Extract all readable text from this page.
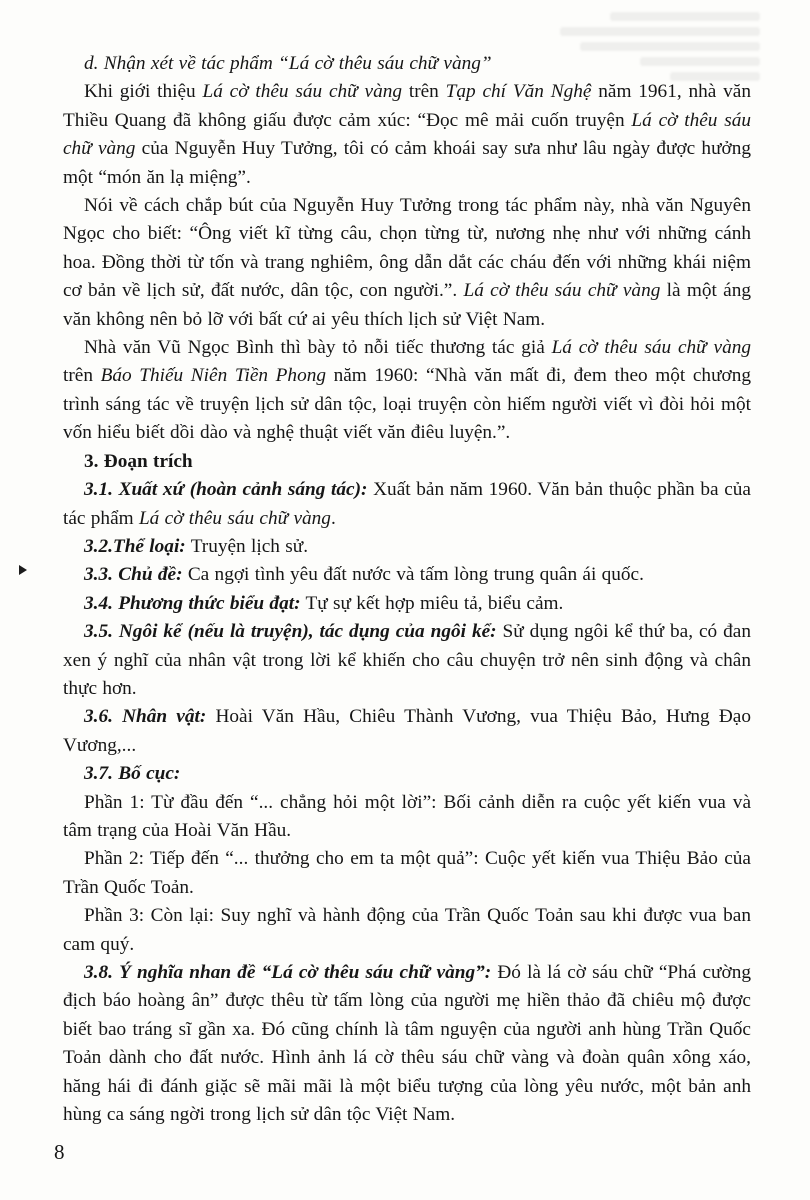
d. Nhận xét về tác phẩm “Lá cờ thêu sáu chữ vàng”

Khi giới thiệu Lá cờ thêu sáu chữ vàng trên Tạp chí Văn Nghệ năm 1961, nhà văn Thiều Quang đã không giấu được cảm xúc: “Đọc mê mải cuốn truyện Lá cờ thêu sáu chữ vàng của Nguyễn Huy Tưởng, tôi có cảm khoái say sưa như lâu ngày được hưởng một “món ăn lạ miệng”.

Nói về cách chắp bút của Nguyễn Huy Tưởng trong tác phẩm này, nhà văn Nguyên Ngọc cho biết: “Ông viết kĩ từng câu, chọn từng từ, nương nhẹ như với những cánh hoa. Đồng thời từ tốn và trang nghiêm, ông dẫn dắt các cháu đến với những khái niệm cơ bản về lịch sử, đất nước, dân tộc, con người.”. Lá cờ thêu sáu chữ vàng là một áng văn không nên bỏ lỡ với bất cứ ai yêu thích lịch sử Việt Nam.

Nhà văn Vũ Ngọc Bình thì bày tỏ nỗi tiếc thương tác giả Lá cờ thêu sáu chữ vàng trên Báo Thiếu Niên Tiền Phong năm 1960: “Nhà văn mất đi, đem theo một chương trình sáng tác về truyện lịch sử dân tộc, loại truyện còn hiếm người viết vì đòi hỏi một vốn hiểu biết dồi dào và nghệ thuật viết văn điêu luyện.”.

3. Đoạn trích

3.1. Xuất xứ (hoàn cảnh sáng tác): Xuất bản năm 1960. Văn bản thuộc phần ba của tác phẩm Lá cờ thêu sáu chữ vàng.

3.2.Thể loại: Truyện lịch sử.

3.3. Chủ đề: Ca ngợi tình yêu đất nước và tấm lòng trung quân ái quốc.

3.4. Phương thức biểu đạt: Tự sự kết hợp miêu tả, biểu cảm.

3.5. Ngôi kể (nếu là truyện), tác dụng của ngôi kể: Sử dụng ngôi kể thứ ba, có đan xen ý nghĩ của nhân vật trong lời kể khiến cho câu chuyện trở nên sinh động và chân thực hơn.

3.6. Nhân vật: Hoài Văn Hầu, Chiêu Thành Vương, vua Thiệu Bảo, Hưng Đạo Vương,...

3.7. Bố cục:

Phần 1: Từ đầu đến “... chẳng hỏi một lời”: Bối cảnh diễn ra cuộc yết kiến vua và tâm trạng của Hoài Văn Hầu.

Phần 2: Tiếp đến “... thưởng cho em ta một quả”: Cuộc yết kiến vua Thiệu Bảo của Trần Quốc Toản.

Phần 3: Còn lại: Suy nghĩ và hành động của Trần Quốc Toản sau khi được vua ban cam quý.

3.8. Ý nghĩa nhan đề “Lá cờ thêu sáu chữ vàng”: Đó là lá cờ sáu chữ “Phá cường địch báo hoàng ân” được thêu từ tấm lòng của người mẹ hiền thảo đã chiêu mộ được biết bao tráng sĩ gần xa. Đó cũng chính là tâm nguyện của người anh hùng Trần Quốc Toản dành cho đất nước. Hình ảnh lá cờ thêu sáu chữ vàng và đoàn quân xông xáo, hăng hái đi đánh giặc sẽ mãi mãi là một biểu tượng của lòng yêu nước, một bản anh hùng ca sáng ngời trong lịch sử dân tộc Việt Nam.

8
